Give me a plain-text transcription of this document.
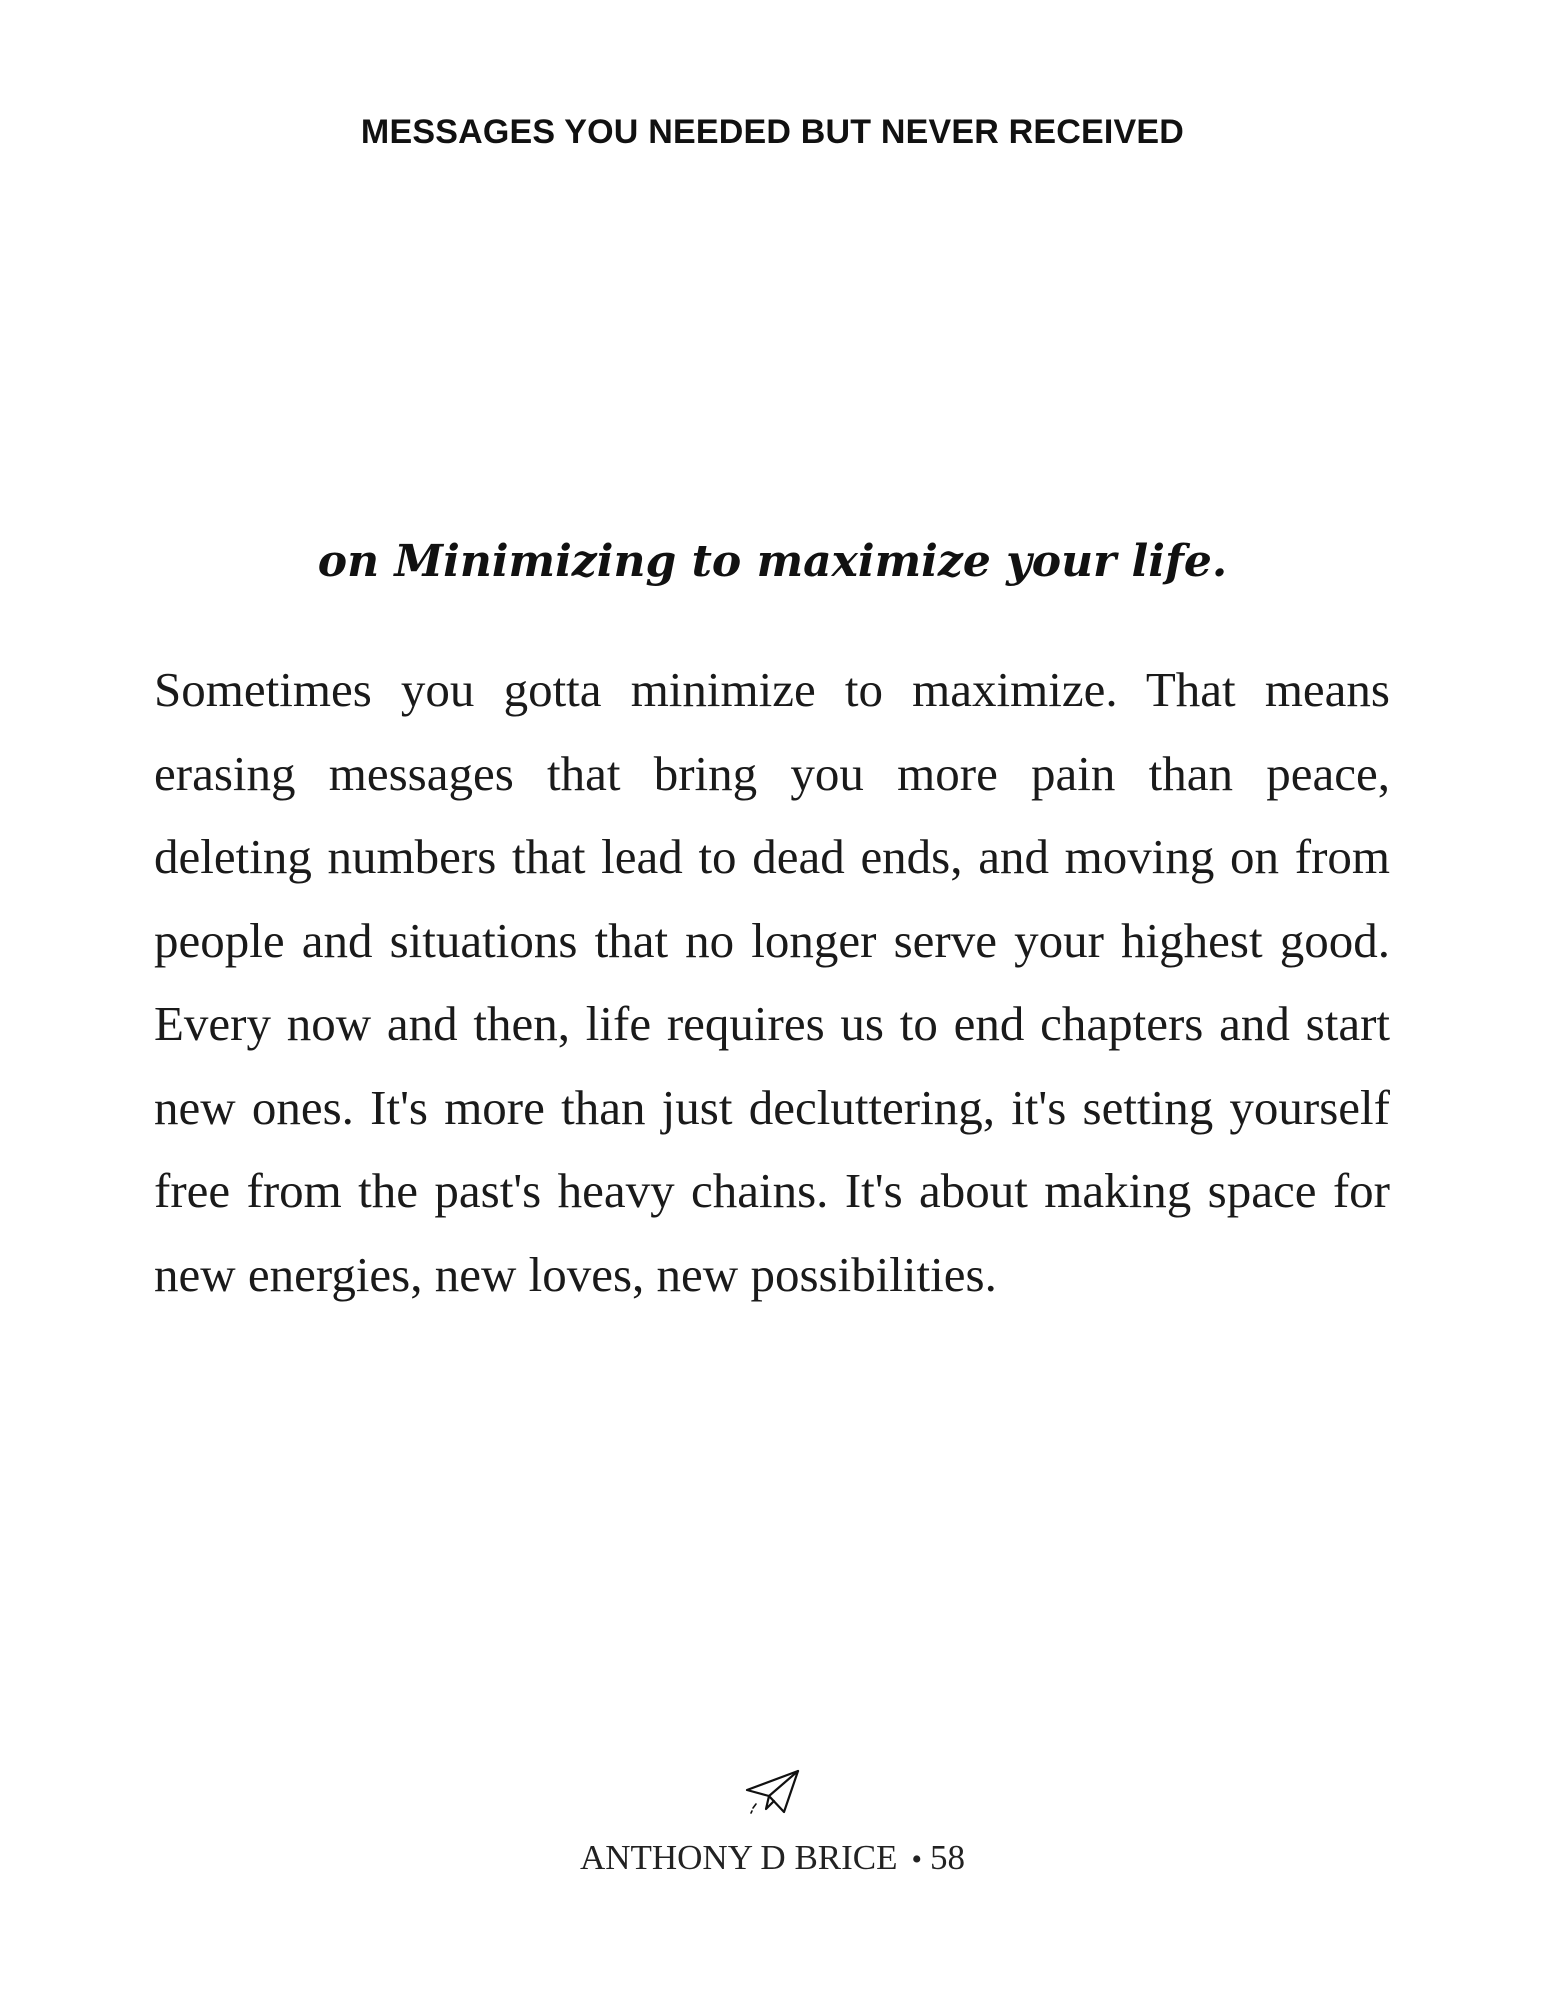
MESSAGES YOU NEEDED BUT NEVER RECEIVED
on Minimizing to maximize your life.

Sometimes you gotta minimize to maximize. That means erasing messages that bring you more pain than peace, deleting numbers that lead to dead ends, and moving on from people and situations that no longer serve your highest good. Every now and then, life requires us to end chapters and start new ones. It's more than just decluttering, it's setting yourself free from the past's heavy chains. It's about making space for new energies, new loves, new possibilities.

ANTHONY D BRICE • 58
